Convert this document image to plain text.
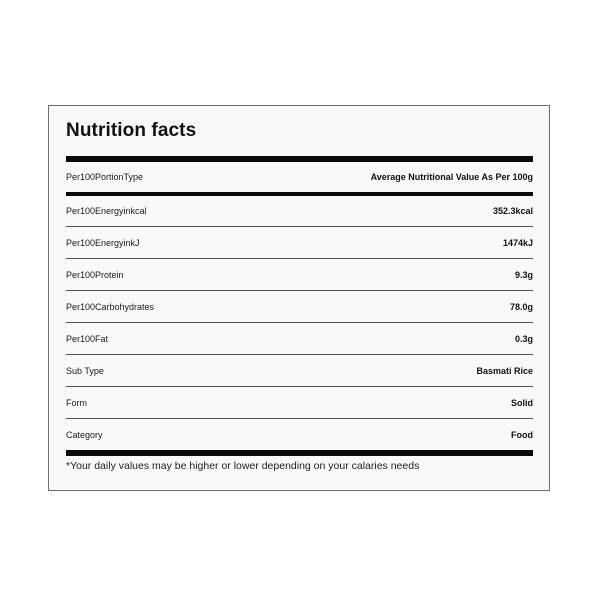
Nutrition facts
Per100PortionType	Average Nutritional Value As Per 100g
Per100Energyinkcal	352.3kcal
Per100EnergyinkJ	1474kJ
Per100Protein	9.3g
Per100Carbohydrates	78.0g
Per100Fat	0.3g
Sub Type	Basmati Rice
Form	Solid
Category	Food
*Your daily values may be higher or lower depending on your calaries needs
